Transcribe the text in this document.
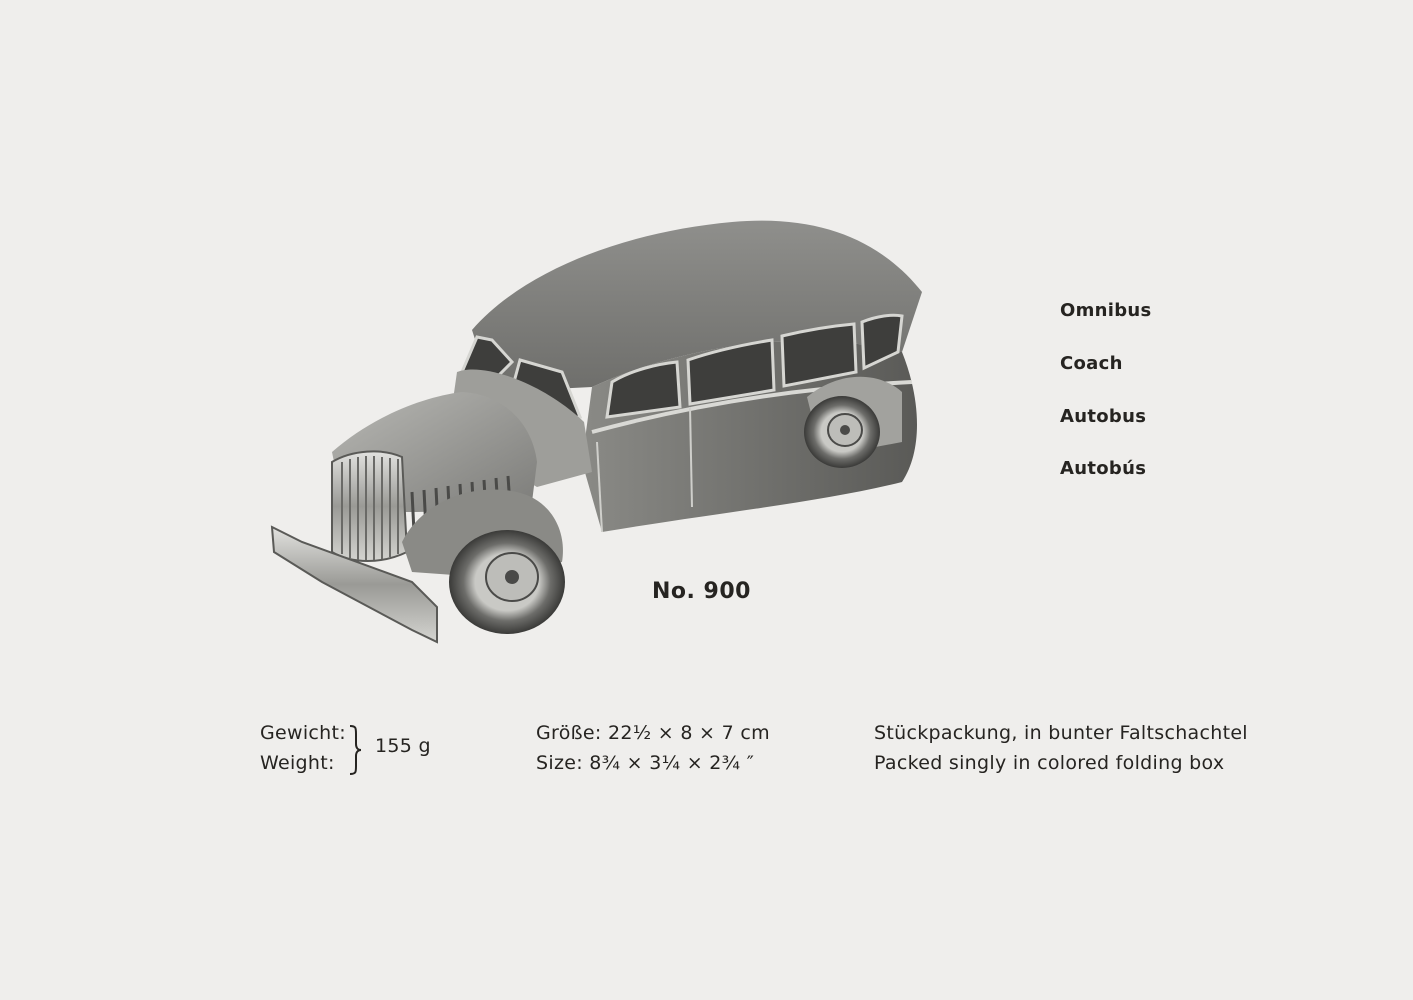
Omnibus
Coach
Autobus
Autobús
No. 900
Gewicht:
Weight:
155 g
Größe: 22½ × 8 × 7 cm
Size: 8¾ × 3¼ × 2¾ ″
Stückpackung, in bunter Faltschachtel
Packed singly in colored folding box
